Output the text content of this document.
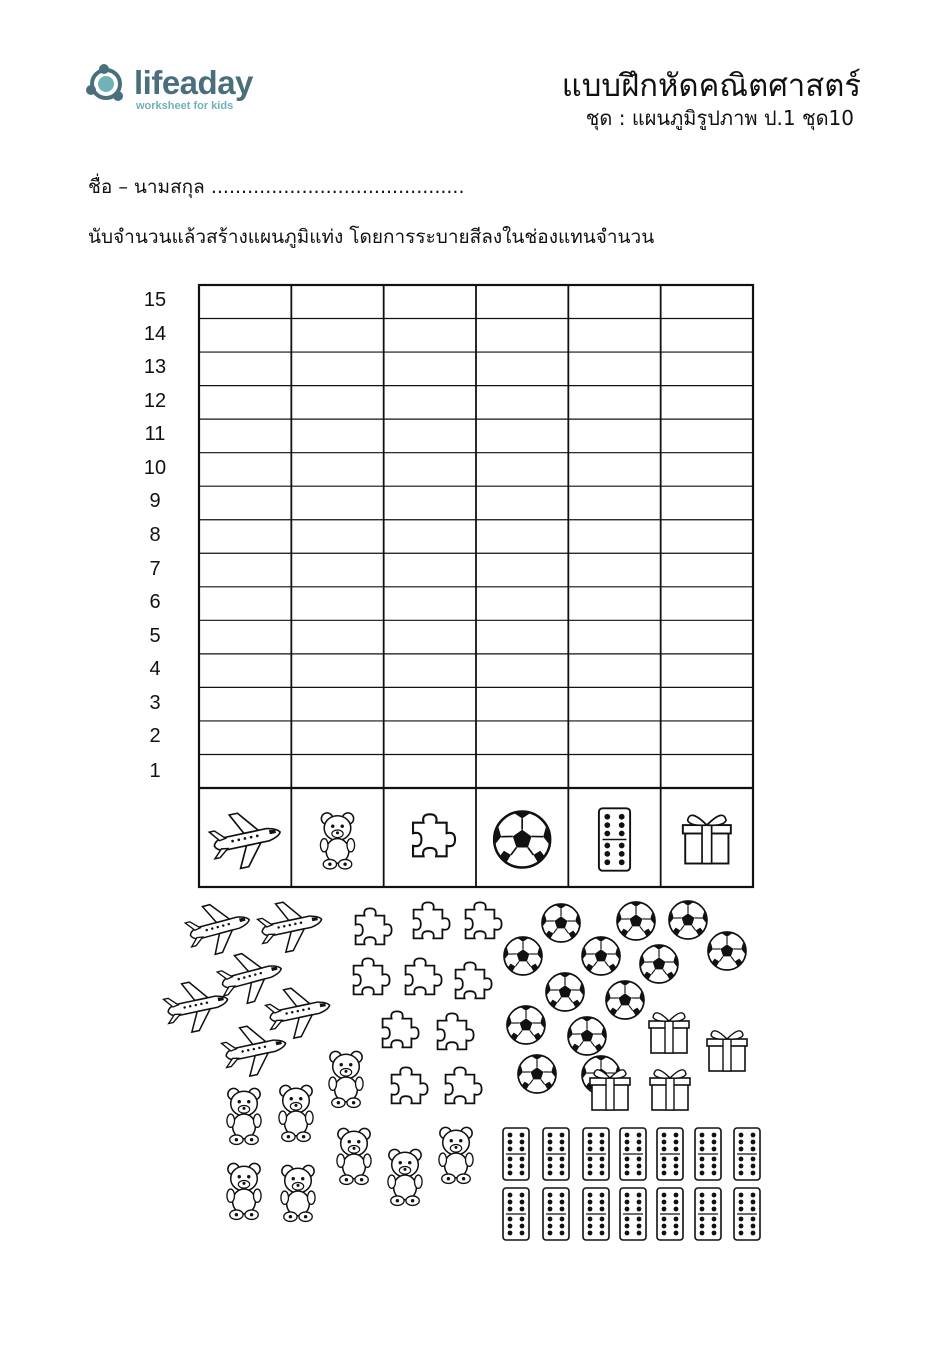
lifeaday
worksheet for kids
แบบฝึกหัดคณิตศาสตร์
ชุด : แผนภูมิรูปภาพ ป.1 ชุด10
ชื่อ – นามสกุล ..........................................
นับจำนวนแล้วสร้างแผนภูมิแท่ง โดยการระบายสีลงในช่องแทนจำนวน
15
14
13
12
11
10
9
8
7
6
5
4
3
2
1
